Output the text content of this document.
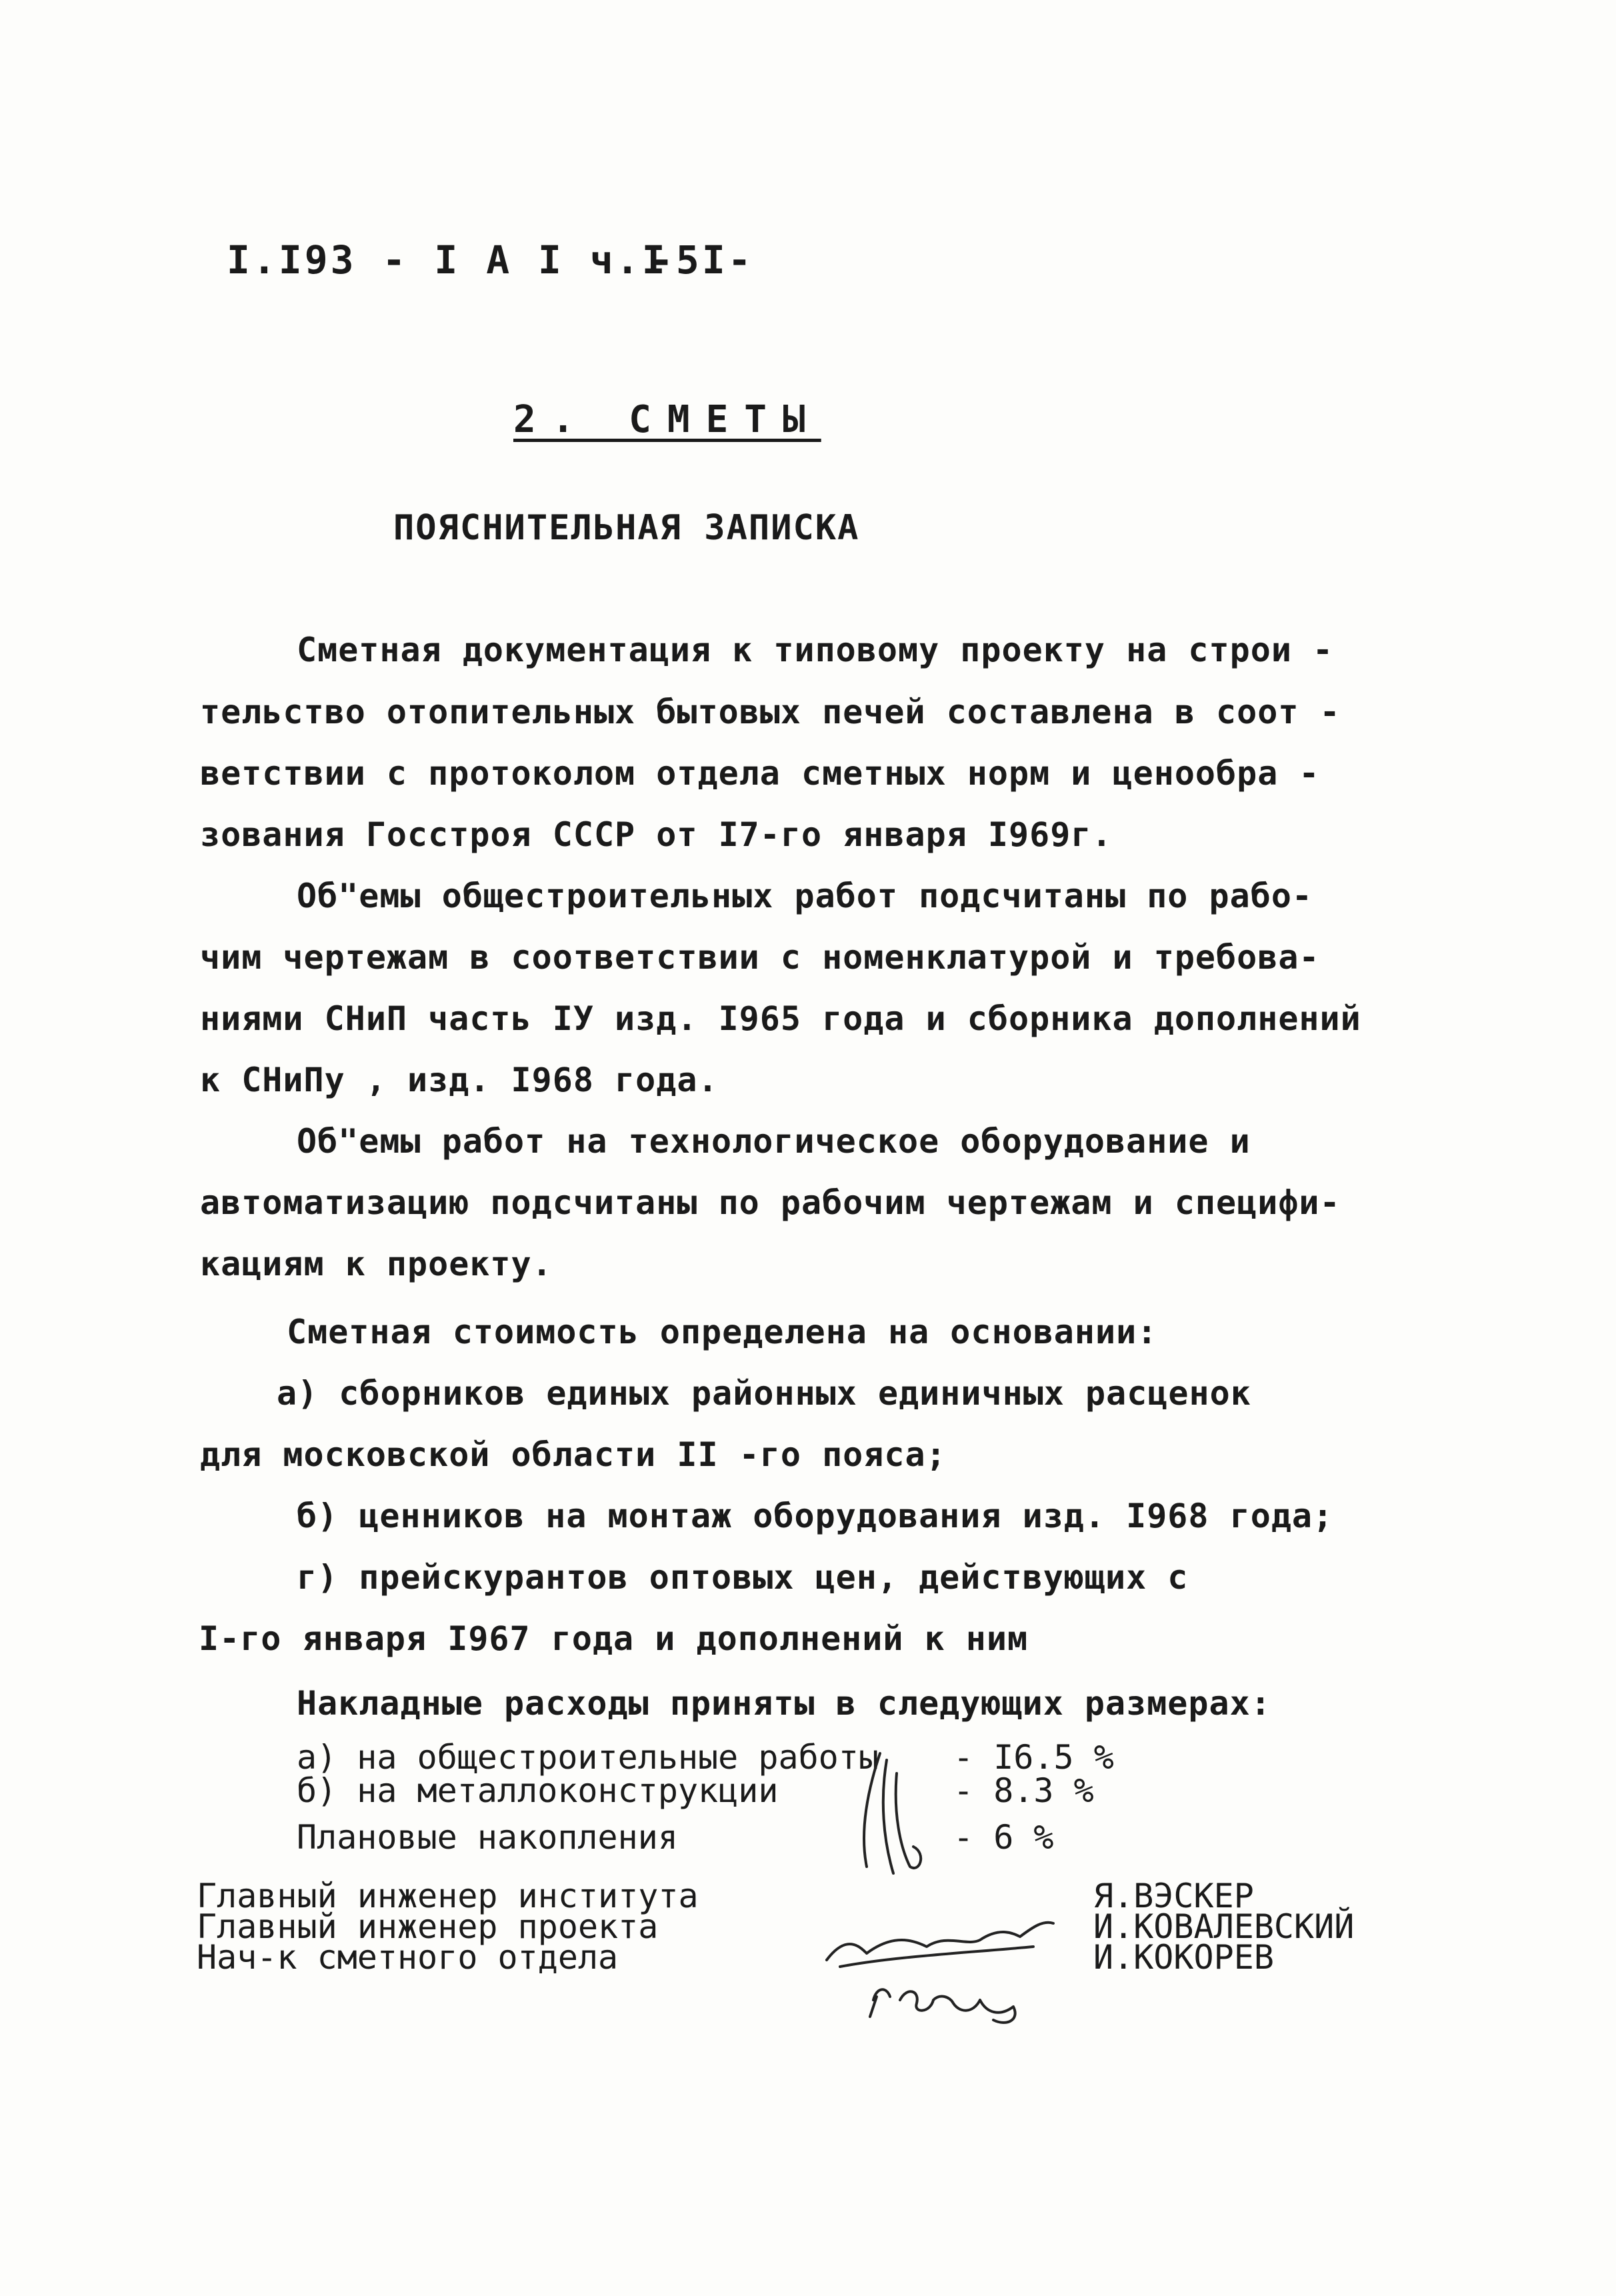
I.I93 - I A I ч.I
-5I-
2. СМЕТЫ
ПОЯСНИТЕЛЬНАЯ ЗАПИСКА
Сметная документация к типовому проекту на строи -
тельство отопительных бытовых печей составлена в соот -
ветствии с протоколом отдела сметных норм и ценообра -
зования Госстроя СССР от I7-го января I969г.
Об"емы общестроительных работ подсчитаны по рабо-
чим чертежам в соответствии с номенклатурой и требова-
ниями СНиП часть IУ изд. I965 года и сборника дополнений
к СНиПу , изд. I968 года.
Об"емы работ на технологическое оборудование и
автоматизацию подсчитаны по рабочим чертежам и специфи-
кациям к проекту.
Сметная стоимость определена на основании:
а) сборников единых районных единичных расценок
для московской области II -го пояса;
б) ценников на монтаж оборудования изд. I968 года;
г) прейскурантов оптовых цен, действующих с
I-го января I967 года и дополнений к ним
Накладные расходы приняты в следующих размерах:
а) на общестроительные работы - I6.5 %
б) на металлоконструкции	- 8.3 %
Плановые накопления	- 6 %
Главный инженер института
Главный инженер проекта
Нач-к сметного отдела
Я.ВЭСКЕР
И.КОВАЛЕВСКИЙ
И.КОКОРЕВ
